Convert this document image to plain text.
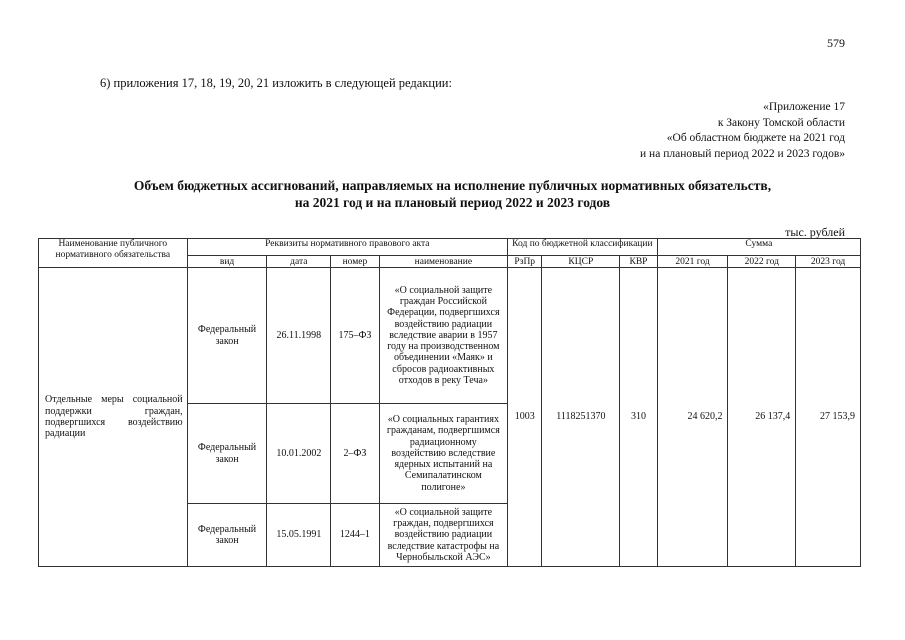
579
6) приложения 17, 18, 19, 20, 21 изложить в следующей редакции:
«Приложение 17
к Закону Томской области
«Об областном бюджете на 2021 год
и на плановый период 2022 и 2023 годов»
Объем бюджетных ассигнований, направляемых на исполнение публичных нормативных обязательств,
на 2021 год и на плановый период 2022 и 2023 годов
тыс. рублей
Наименование публичного нормативного обязательства	Реквизиты нормативного правового акта				Код по бюджетной классификации			Сумма		
	вид	дата	номер	наименование	РзПр	КЦСР	КВР	2021 год	2022 год	2023 год
Отдельные меры социальной поддержки граждан, подвергшихся воздействию радиации	Федеральный закон	26.11.1998	175–ФЗ	«О социальной защите граждан Российской Федерации, подвергшихся воздействию радиации вследствие аварии в 1957 году на производственном объединении «Маяк» и сбросов радиоактивных отходов в реку Теча»	1003	1118251370	310	24 620,2	26 137,4	27 153,9
	Федеральный закон	10.01.2002	2–ФЗ	«О социальных гарантиях гражданам, подвергшимся радиационному воздействию вследствие ядерных испытаний на Семипалатинском полигоне»						
	Федеральный закон	15.05.1991	1244–1	«О социальной защите граждан, подвергшихся воздействию радиации вследствие катастрофы на Чернобыльской АЭС»						
